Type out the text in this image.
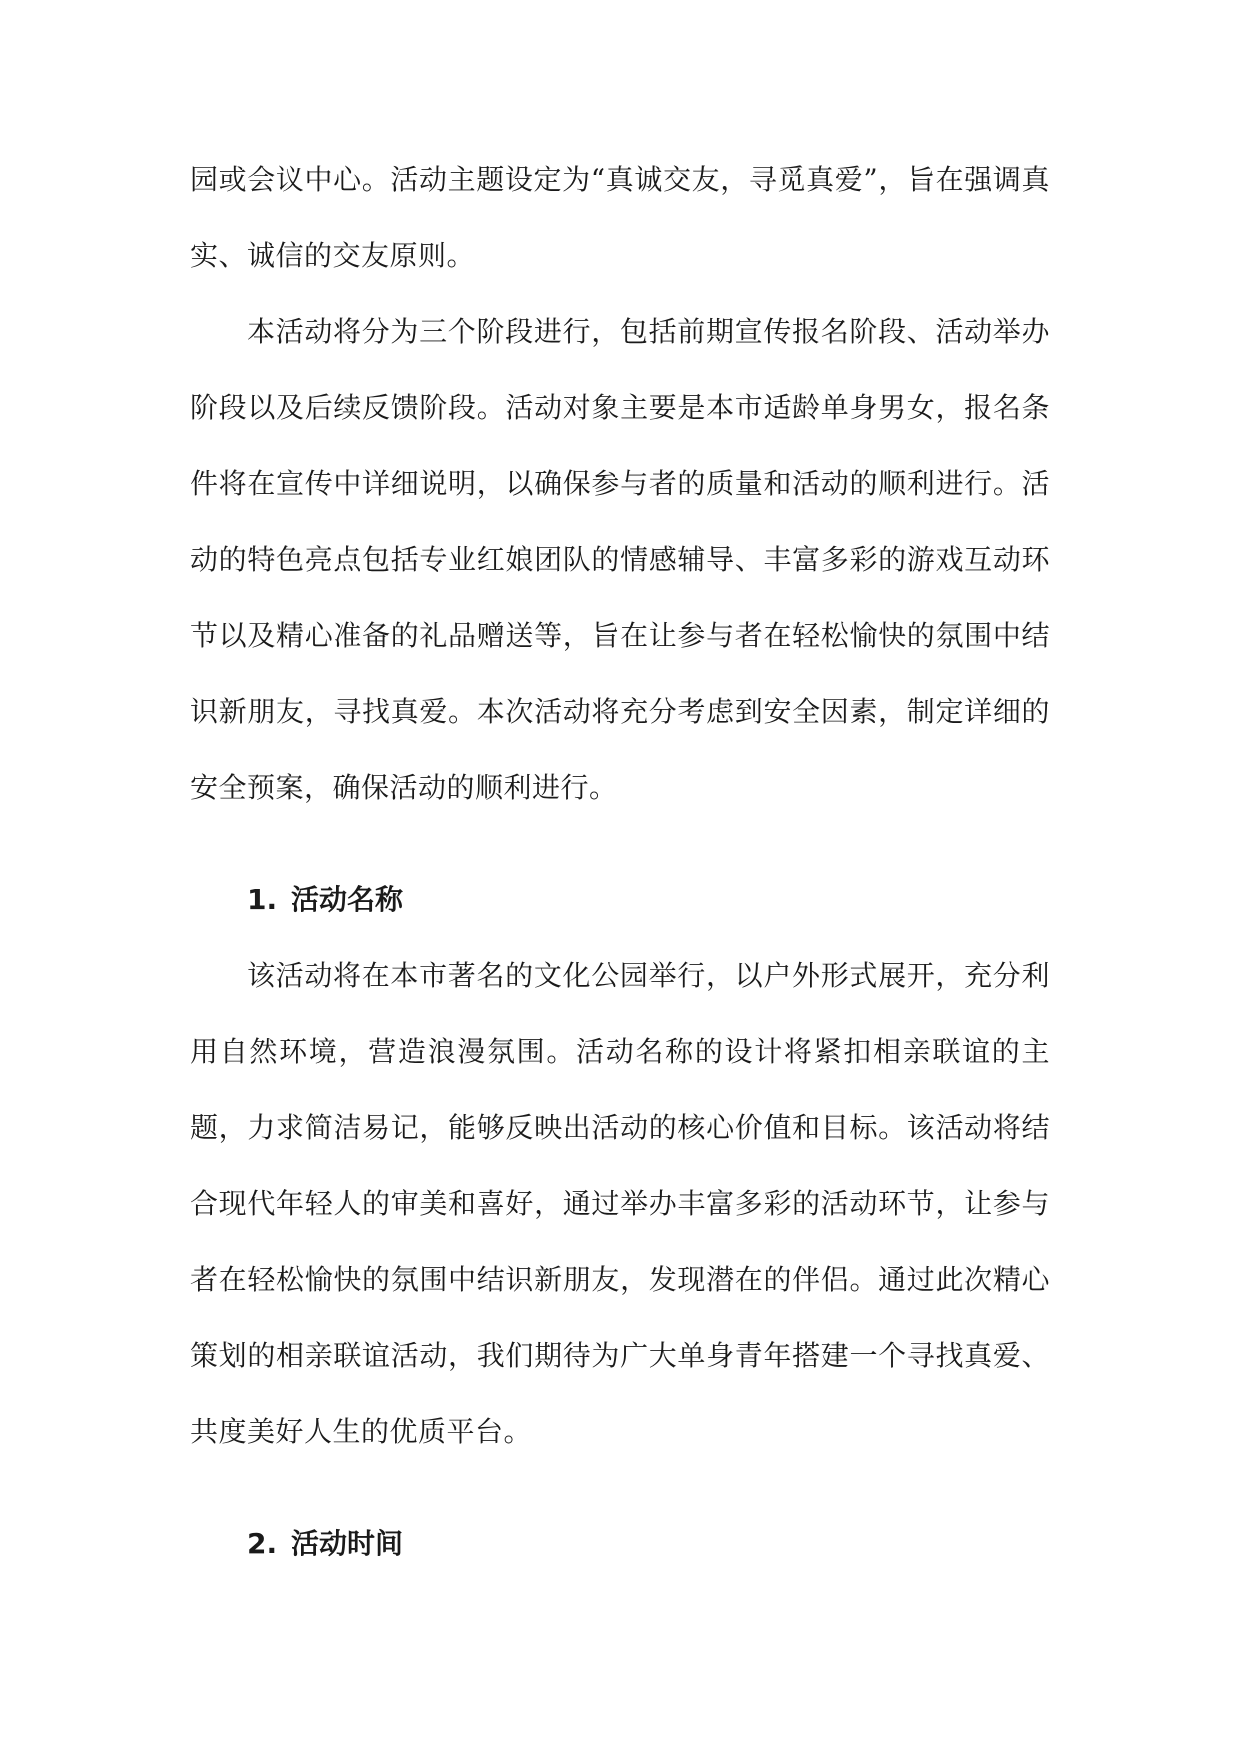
园或会议中心。活动主题设定为“真诚交友，寻觅真爱”，旨在强调真实、诚信的交友原则。

本活动将分为三个阶段进行，包括前期宣传报名阶段、活动举办阶段以及后续反馈阶段。活动对象主要是本市适龄单身男女，报名条件将在宣传中详细说明，以确保参与者的质量和活动的顺利进行。活动的特色亮点包括专业红娘团队的情感辅导、丰富多彩的游戏互动环节以及精心准备的礼品赠送等，旨在让参与者在轻松愉快的氛围中结识新朋友，寻找真爱。本次活动将充分考虑到安全因素，制定详细的安全预案，确保活动的顺利进行。

1. 活动名称

该活动将在本市著名的文化公园举行，以户外形式展开，充分利用自然环境，营造浪漫氛围。活动名称的设计将紧扣相亲联谊的主题，力求简洁易记，能够反映出活动的核心价值和目标。该活动将结合现代年轻人的审美和喜好，通过举办丰富多彩的活动环节，让参与者在轻松愉快的氛围中结识新朋友，发现潜在的伴侣。通过此次精心策划的相亲联谊活动，我们期待为广大单身青年搭建一个寻找真爱、共度美好人生的优质平台。

2. 活动时间
